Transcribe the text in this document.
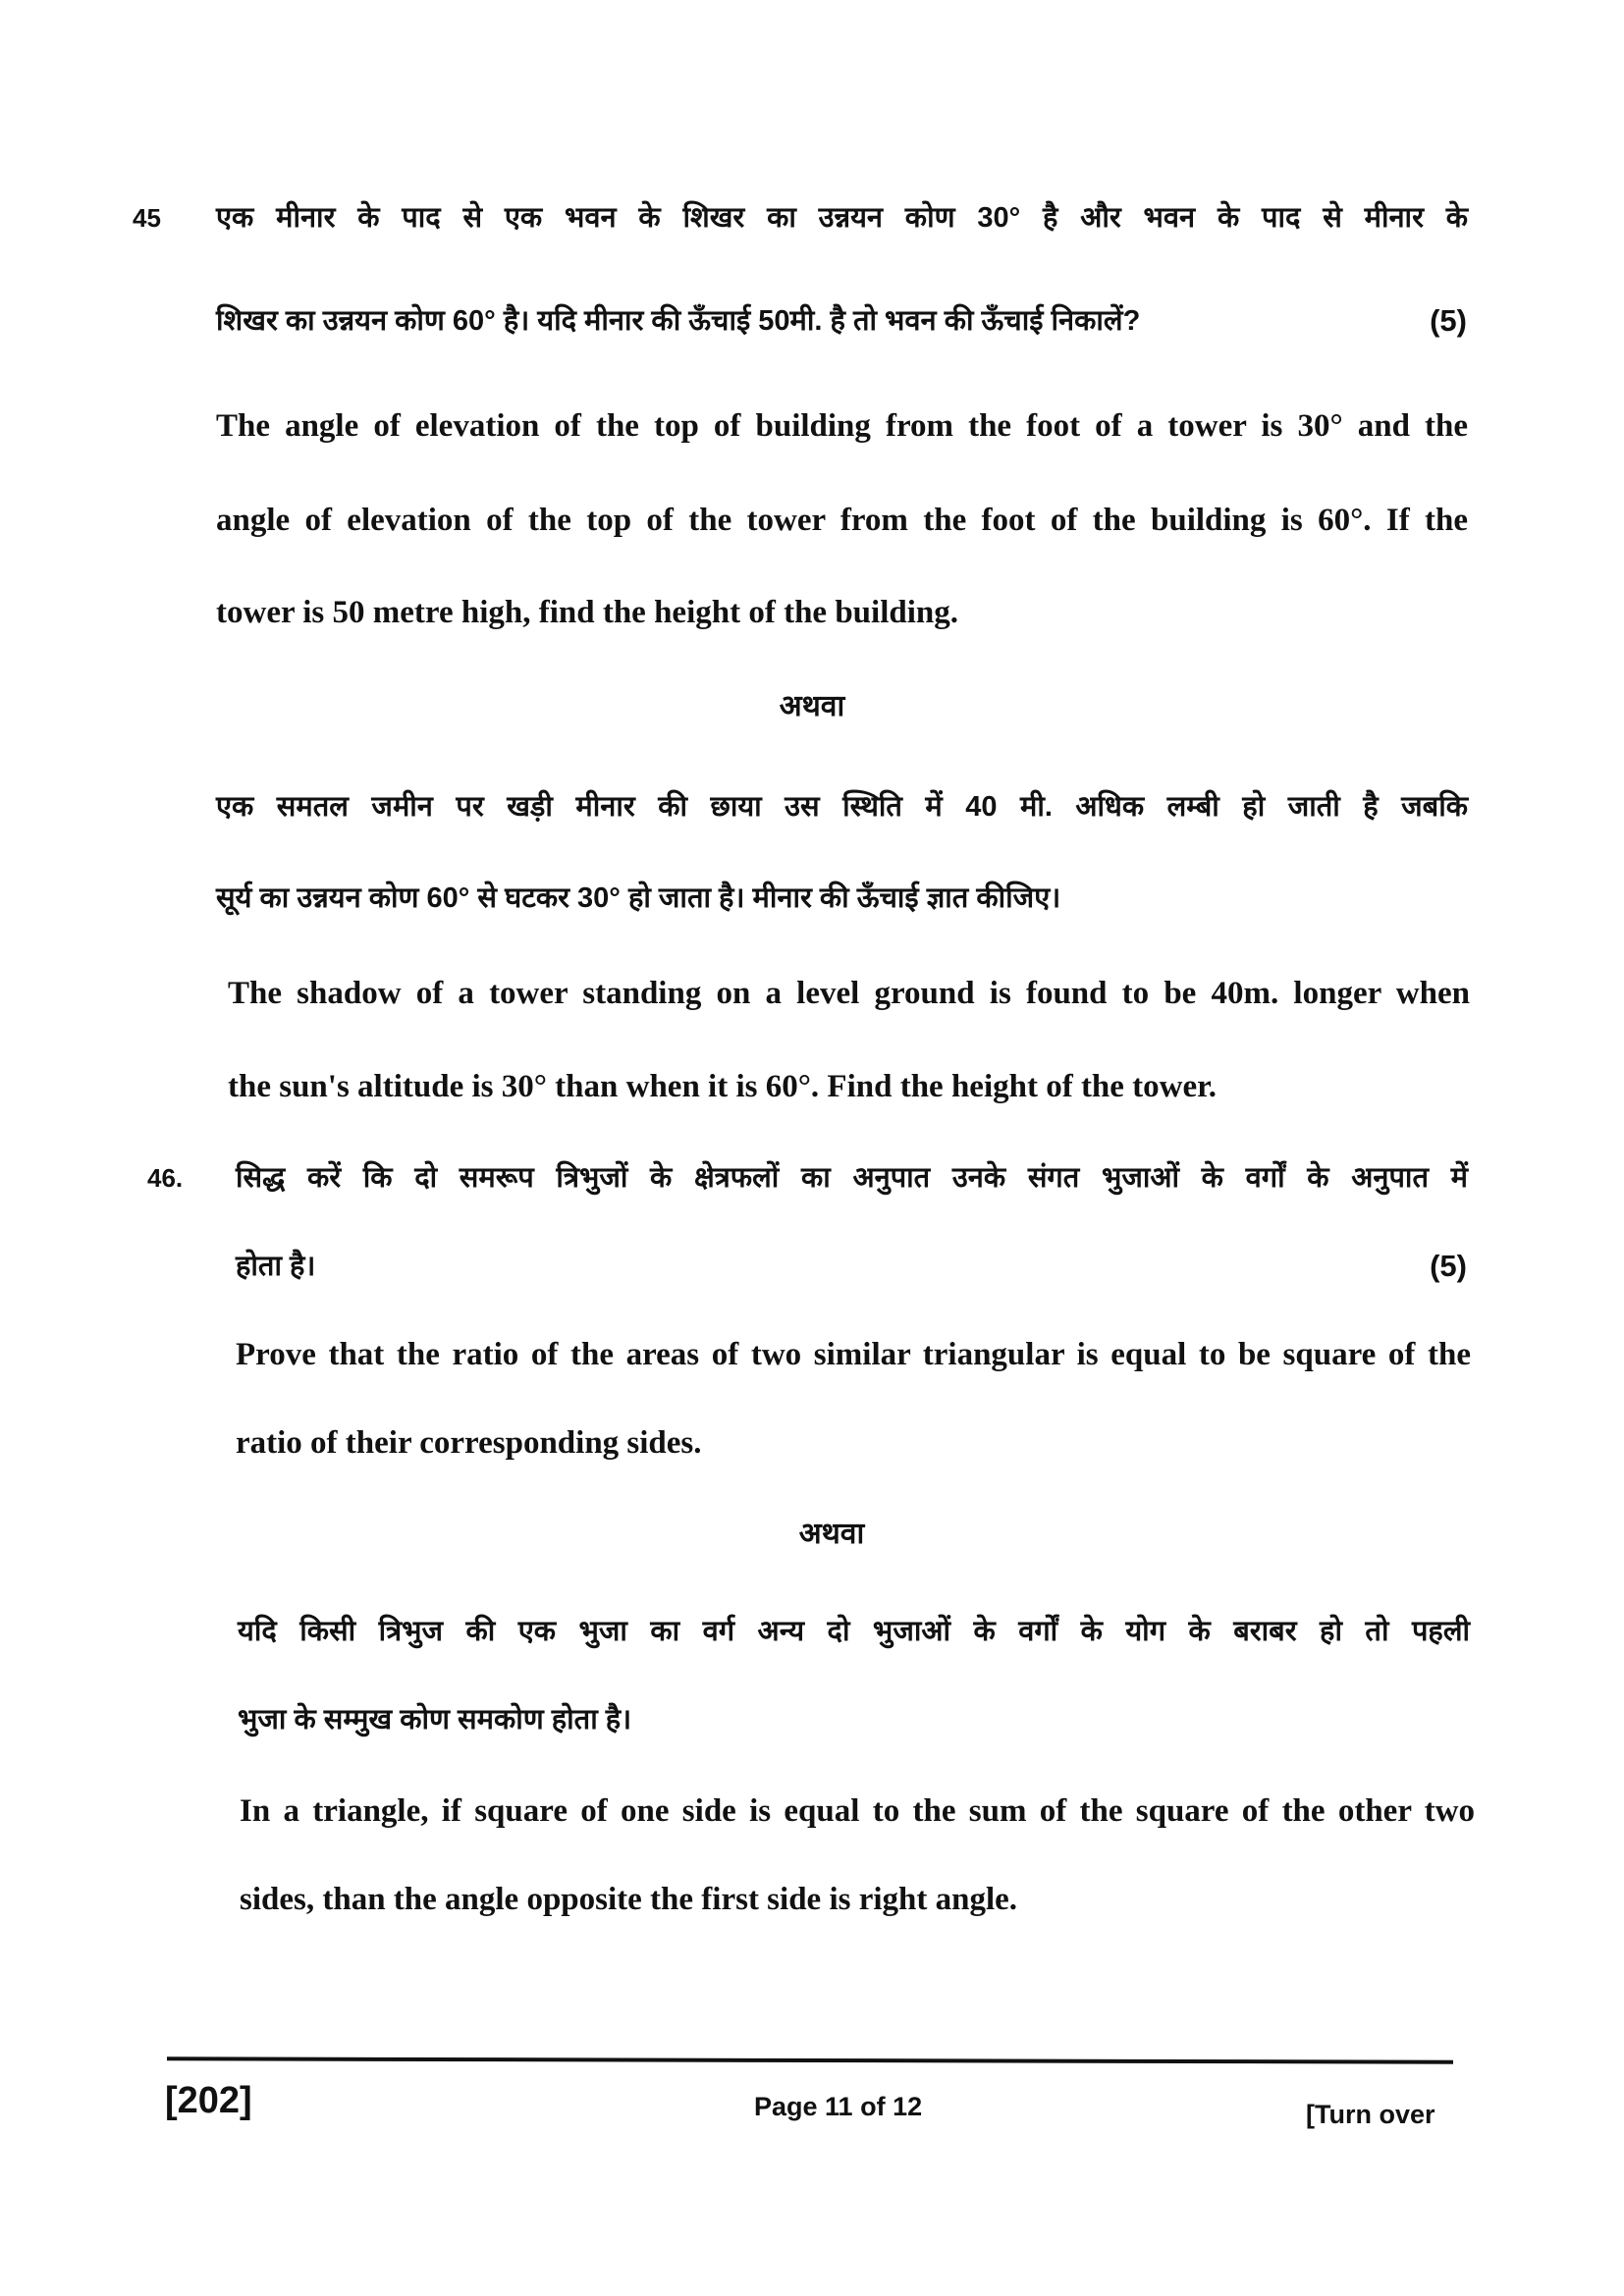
45 एक मीनार के पाद से एक भवन के शिखर का उन्नयन कोण 30° है और भवन के पाद से मीनार के
शिखर का उन्नयन कोण 60° है। यदि मीनार की ऊँचाई 50मी. है तो भवन की ऊँचाई निकालें?	(5)
The angle of elevation of the top of building from the foot of a tower is 30° and the
angle of elevation of the top of the tower from the foot of the building is 60°. If the
tower is 50 metre high, find the height of the building.
अथवा
एक समतल जमीन पर खड़ी मीनार की छाया उस स्थिति में 40 मी. अधिक लम्बी हो जाती है जबकि
सूर्य का उन्नयन कोण 60° से घटकर 30° हो जाता है। मीनार की ऊँचाई ज्ञात कीजिए।
The shadow of a tower standing on a level ground is found to be 40m. longer when
the sun's altitude is 30° than when it is 60°. Find the height of the tower.
46. सिद्ध करें कि दो समरूप त्रिभुजों के क्षेत्रफलों का अनुपात उनके संगत भुजाओं के वर्गों के अनुपात में
होता है।	(5)
Prove that the ratio of the areas of two similar triangular is equal to be square of the
ratio of their corresponding sides.
अथवा
यदि किसी त्रिभुज की एक भुजा का वर्ग अन्य दो भुजाओं के वर्गों के योग के बराबर हो तो पहली
भुजा के सम्मुख कोण समकोण होता है।
In a triangle, if square of one side is equal to the sum of the square of the other two
sides, than the angle opposite the first side is right angle.
[202]	Page 11 of 12	[Turn over
